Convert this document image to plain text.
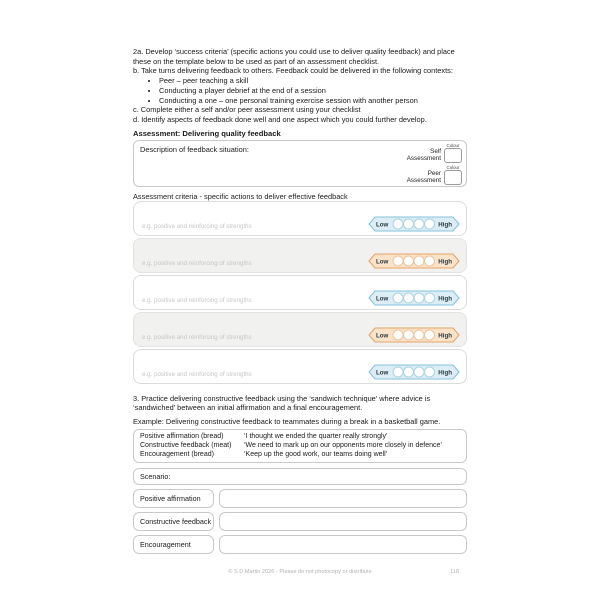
2a. Develop ‘success criteria’ (specific actions you could use to deliver quality feedback) and place these on the template below to be used as part of an assessment checklist.

b. Take turns delivering feedback to others. Feedback could be delivered in the following contexts:

• Peer – peer teaching a skill
• Conducting a player debrief at the end of a session
• Conducting a one – one personal training exercise session with another person

c. Complete either a self and/or peer assessment using your checklist

d. Identify aspects of feedback done well and one aspect which you could further develop.

Assessment: Delivering quality feedback
Description of feedback situation:	Self Assessment
Colour
Peer Assessment
Colour
Assessment criteria - specific actions to deliver effective feedback
e.g. positive and reinforcing of strengths	Low	High
e.g. positive and reinforcing of strengths	Low	High
e.g. positive and reinforcing of strengths	Low	High
e.g. positive and reinforcing of strengths	Low	High
e.g. positive and reinforcing of strengths	Low	High
3. Practice delivering constructive feedback using the ‘sandwich technique’ where advice is ‘sandwiched’ between an initial affirmation and a final encouragement.
Example: Delivering constructive feedback to teammates during a break in a basketball game.
Positive affirmation (bread)	‘I thought we ended the quarter really strongly’
Constructive feedback (meat)	‘We need to mark up on our opponents more closely in defence’
Encouragement (bread)	‘Keep up the good work, our teams doing well’
Scenario:
Positive affirmation
Constructive feedback
Encouragement
© S D Martin 2026 - Please do not photocopy or distribute	118
